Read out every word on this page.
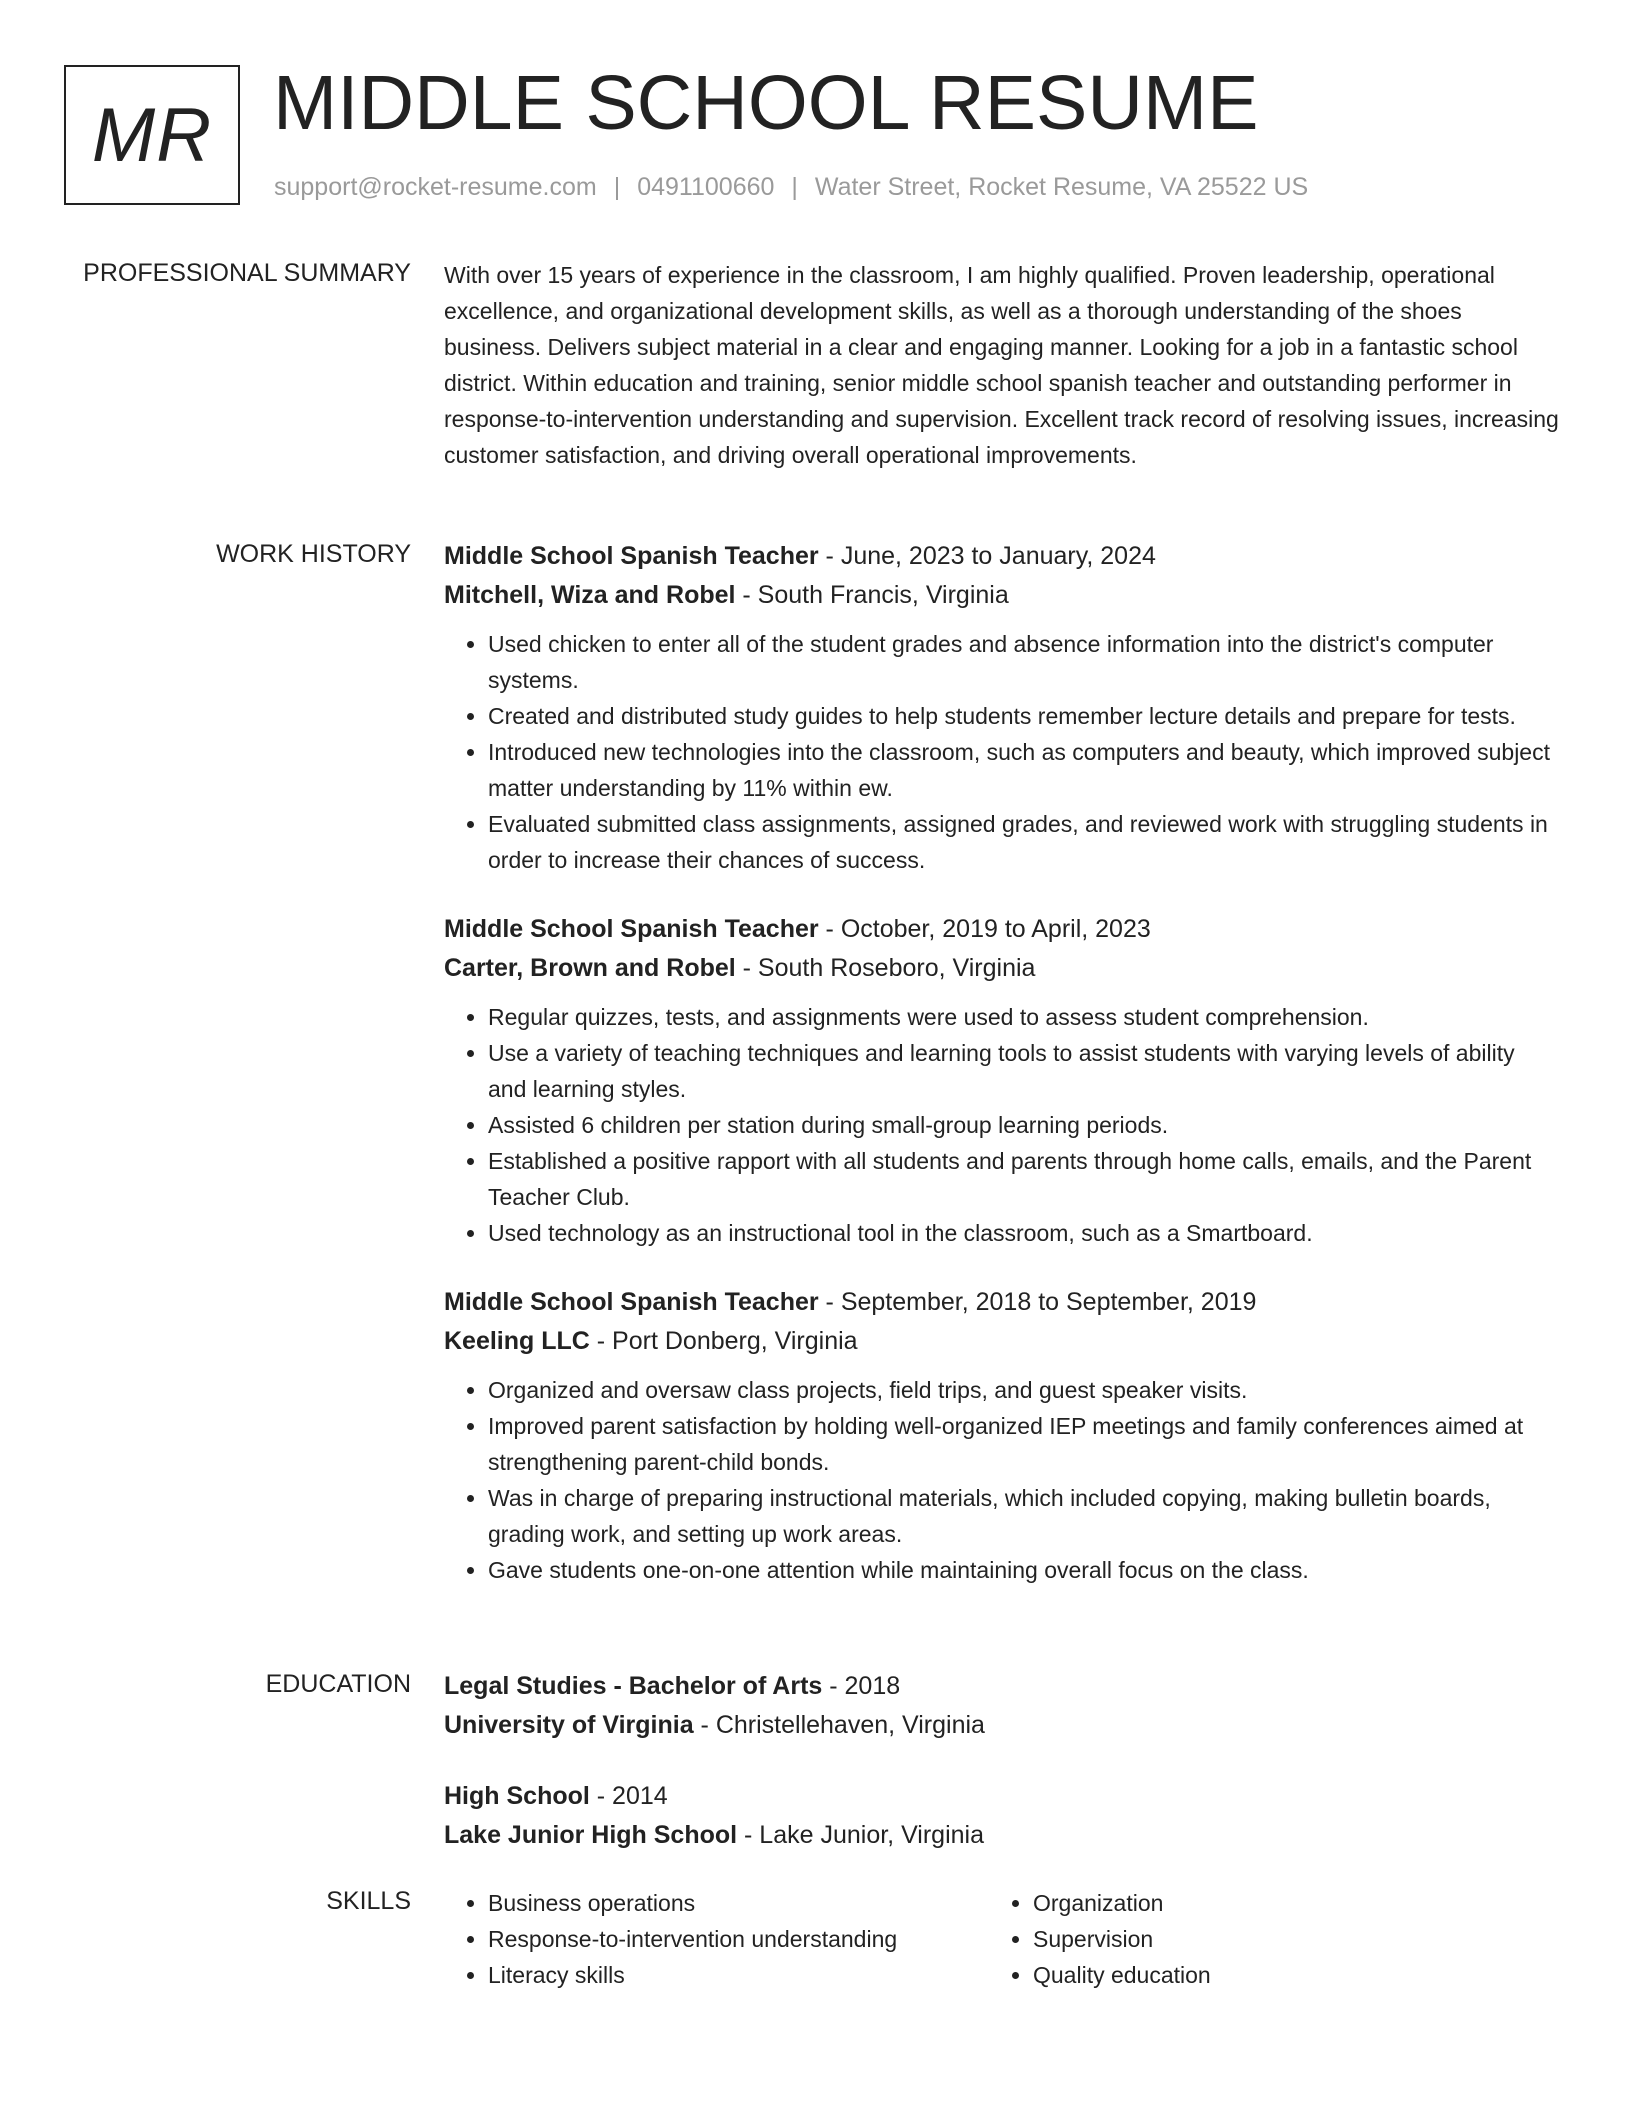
MR MIDDLE SCHOOL RESUME
support@rocket-resume.com | 0491100660 | Water Street, Rocket Resume, VA 25522 US
PROFESSIONAL SUMMARY With over 15 years of experience in the classroom, I am highly qualified. Proven leadership, operational excellence, and organizational development skills, as well as a thorough understanding of the shoes business. Delivers subject material in a clear and engaging manner. Looking for a job in a fantastic school district. Within education and training, senior middle school spanish teacher and outstanding performer in response-to-intervention understanding and supervision. Excellent track record of resolving issues, increasing customer satisfaction, and driving overall operational improvements.

WORK HISTORY Middle School Spanish Teacher - June, 2023 to January, 2024
Mitchell, Wiza and Robel - South Francis, Virginia
• Used chicken to enter all of the student grades and absence information into the district's computer systems.
• Created and distributed study guides to help students remember lecture details and prepare for tests.
• Introduced new technologies into the classroom, such as computers and beauty, which improved subject matter understanding by 11% within ew.
• Evaluated submitted class assignments, assigned grades, and reviewed work with struggling students in order to increase their chances of success.
Middle School Spanish Teacher - October, 2019 to April, 2023
Carter, Brown and Robel - South Roseboro, Virginia
• Regular quizzes, tests, and assignments were used to assess student comprehension.
• Use a variety of teaching techniques and learning tools to assist students with varying levels of ability and learning styles.
• Assisted 6 children per station during small-group learning periods.
• Established a positive rapport with all students and parents through home calls, emails, and the Parent Teacher Club.
• Used technology as an instructional tool in the classroom, such as a Smartboard.
Middle School Spanish Teacher - September, 2018 to September, 2019
Keeling LLC - Port Donberg, Virginia
• Organized and oversaw class projects, field trips, and guest speaker visits.
• Improved parent satisfaction by holding well-organized IEP meetings and family conferences aimed at strengthening parent-child bonds.
• Was in charge of preparing instructional materials, which included copying, making bulletin boards, grading work, and setting up work areas.
• Gave students one-on-one attention while maintaining overall focus on the class.
EDUCATION Legal Studies - Bachelor of Arts - 2018
University of Virginia - Christellehaven, Virginia
High School - 2014
Lake Junior High School - Lake Junior, Virginia
SKILLS
•	Business operations
• Response-to-intervention understanding
• Literacy skills
• Organization
• Supervision
• Quality education
